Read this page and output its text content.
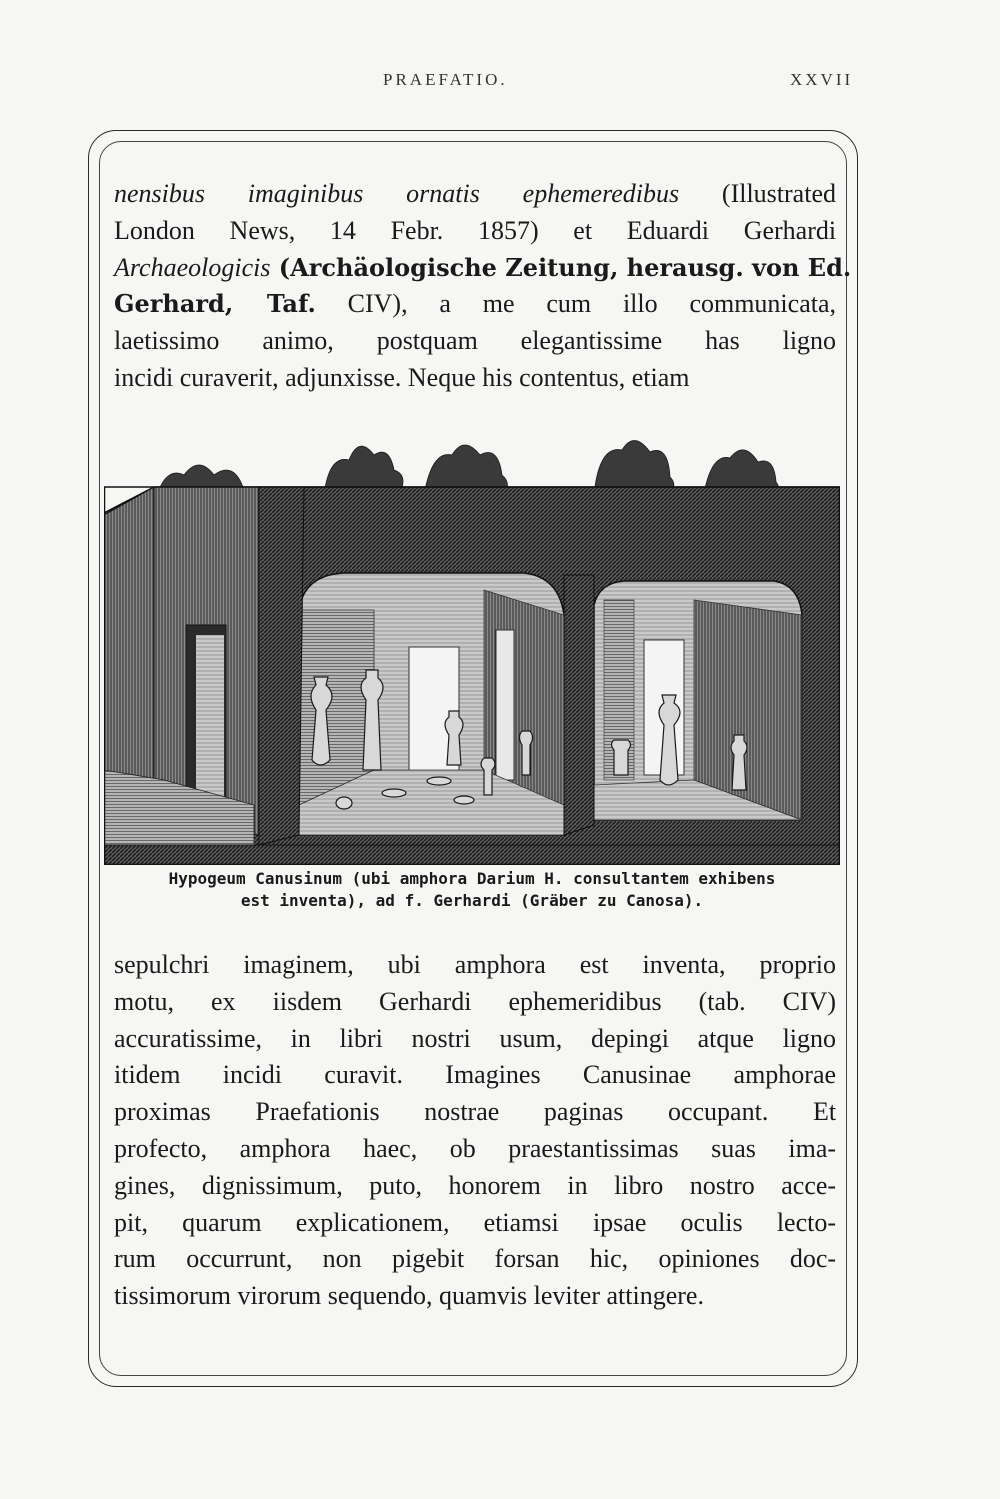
PRAEFATIO.	XXVII
nensibus imaginibus ornatis ephemeredibus (Illustrated
London News, 14 Febr. 1857) et Eduardi Gerhardi
Archaeologicis (Archäologische Zeitung, herausg. von Ed.
Gerhard, Taf. CIV), a me cum illo communicata,
laetissimo animo, postquam elegantissime has ligno
incidi curaverit, adjunxisse. Neque his contentus, etiam
Hypogeum Canusinum (ubi amphora Darium H. consultantem exhibens
est inventa), ad f. Gerhardi (Gräber zu Canosa).
sepulchri imaginem, ubi amphora est inventa, proprio
motu, ex iisdem Gerhardi ephemeridibus (tab. CIV)
accuratissime, in libri nostri usum, depingi atque ligno
itidem incidi curavit. Imagines Canusinae amphorae
proximas Praefationis nostrae paginas occupant. Et
profecto, amphora haec, ob praestantissimas suas ima-
gines, dignissimum, puto, honorem in libro nostro acce-
pit, quarum explicationem, etiamsi ipsae oculis lecto-
rum occurrunt, non pigebit forsan hic, opiniones doc-
tissimorum virorum sequendo, quamvis leviter attingere.
